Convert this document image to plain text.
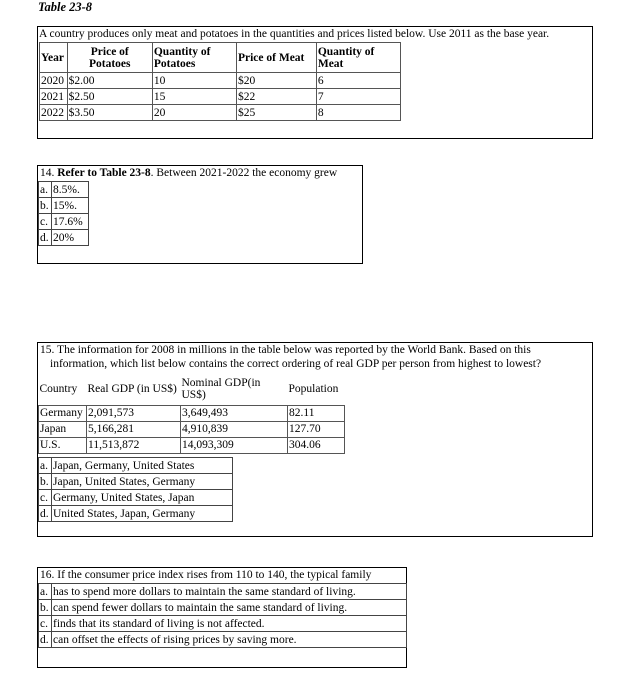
Table 23-8
A country produces only meat and potatoes in the quantities and prices listed below. Use 2011 as the base year.
Year	Price of Potatoes	Quantity of Potatoes	Price of Meat	Quantity of Meat
2020	$2.00	10	$20	6
2021	$2.50	15	$22	7
2022	$3.50	20	$25	8
14. Refer to Table 23-8. Between 2021-2022 the economy grew
a.	8.5%.
b.	15%.
c.	17.6%
d.	20%
15. The information for 2008 in millions in the table below was reported by the World Bank. Based on this
information, which list below contains the correct ordering of real GDP per person from highest to lowest?
Country	Real GDP (in US$)	Nominal GDP(in US$)	Population
Germany	2,091,573	3,649,493	82.11
Japan	5,166,281	4,910,839	127.70
U.S.	11,513,872	14,093,309	304.06
a.	Japan, Germany, United States
b.	Japan, United States, Germany
c.	Germany, United States, Japan
d.	United States, Japan, Germany
16. If the consumer price index rises from 110 to 140, the typical family
a.	has to spend more dollars to maintain the same standard of living.
b.	can spend fewer dollars to maintain the same standard of living.
c.	finds that its standard of living is not affected.
d.	can offset the effects of rising prices by saving more.
